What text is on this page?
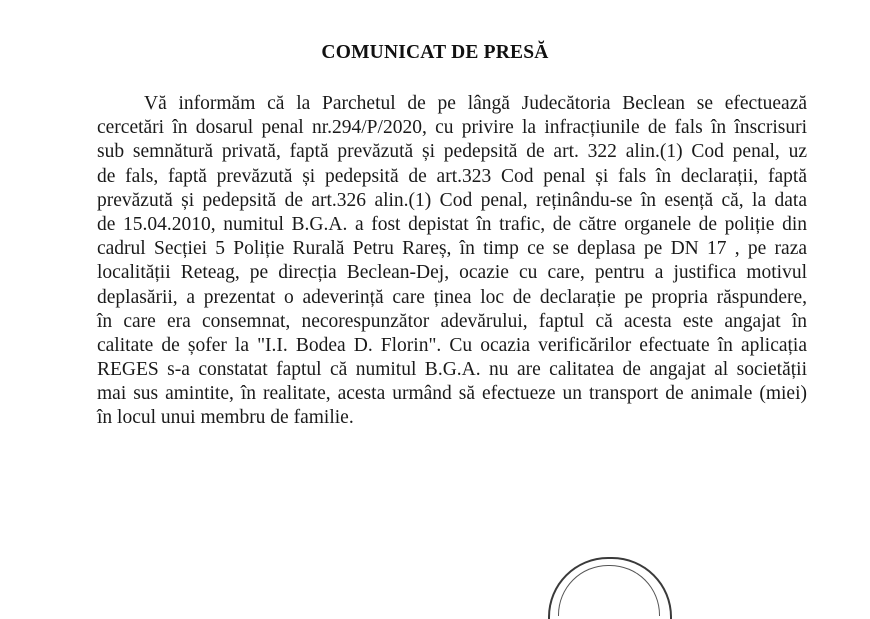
COMUNICAT DE PRESĂ
Vă informăm că la Parchetul de pe lângă Judecătoria Beclean se efectuează
cercetări în dosarul penal nr.294/P/2020, cu privire la infracțiunile de fals în înscrisuri
sub semnătură privată, faptă prevăzută și pedepsită de art. 322 alin.(1) Cod penal, uz
de fals, faptă prevăzută și pedepsită de art.323 Cod penal și fals în declarații, faptă
prevăzută și pedepsită de art.326 alin.(1) Cod penal, reținându-se în esență că, la data
de 15.04.2010, numitul B.G.A. a fost depistat în trafic, de către organele de poliție din
cadrul Secției 5 Poliție Rurală Petru Rareș, în timp ce se deplasa pe DN 17 , pe raza
localității Reteag, pe direcția Beclean-Dej, ocazie cu care, pentru a justifica motivul
deplasării, a prezentat o adeverință care ținea loc de declarație pe propria răspundere,
în care era consemnat, necorespunzător adevărului, faptul că acesta este angajat în
calitate de șofer la "I.I. Bodea D. Florin". Cu ocazia verificărilor efectuate în aplicația
REGES s-a constatat faptul că numitul B.G.A. nu are calitatea de angajat al societății
mai sus amintite, în realitate, acesta urmând să efectueze un transport de animale (miei)
în locul unui membru de familie.
